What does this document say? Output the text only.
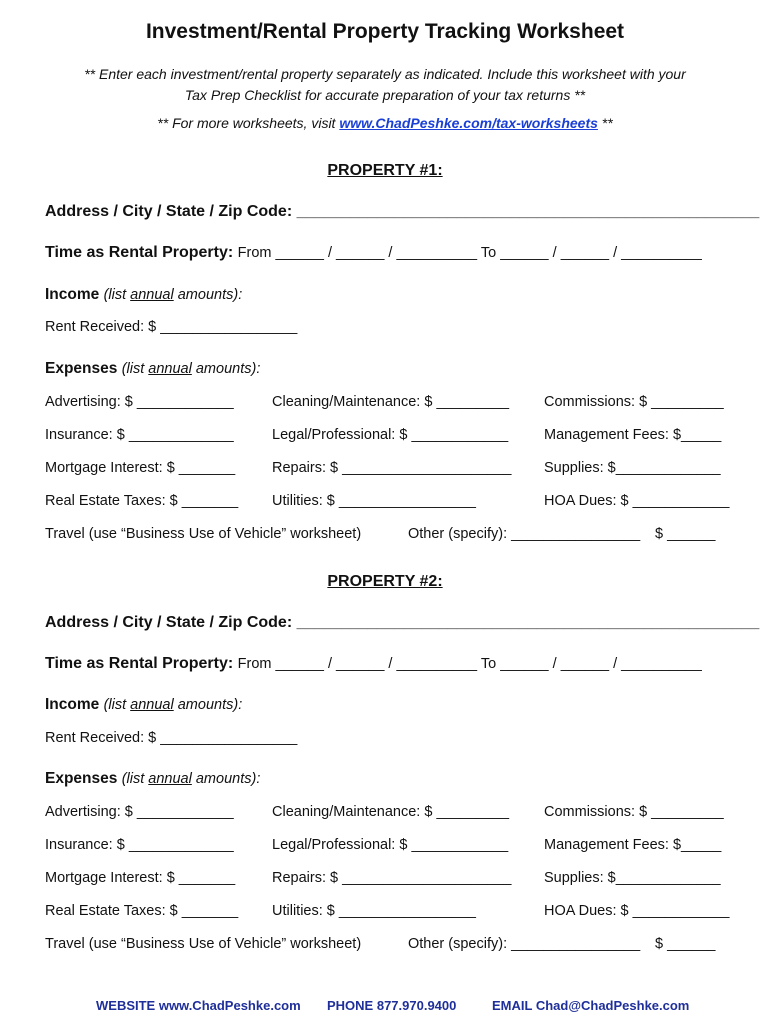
Investment/Rental Property Tracking Worksheet
** Enter each investment/rental property separately as indicated. Include this worksheet with your
Tax Prep Checklist for accurate preparation of your tax returns **
** For more worksheets, visit www.ChadPeshke.com/tax-worksheets **
PROPERTY #1:
Address / City / State / Zip Code: ____________________________________________________
Time as Rental Property: From ______ / ______ / __________ To ______ / ______ / __________
Income (list annual amounts):
Rent Received: $ _________________
Expenses (list annual amounts):
Advertising: $ ____________	Cleaning/Maintenance: $ _________ Commissions: $ _________
Insurance: $ _____________	Legal/Professional: $ ____________ Management Fees: $_____
Mortgage Interest: $ _______	Repairs: $ _____________________ Supplies: $_____________
Real Estate Taxes: $ _______ Utilities: $ _________________	HOA Dues: $ ____________
Travel (use “Business Use of Vehicle” worksheet)	Other (specify): ________________ $ ______
PROPERTY #2:
Address / City / State / Zip Code: ____________________________________________________
Time as Rental Property: From ______ / ______ / __________ To ______ / ______ / __________
Income (list annual amounts):
Rent Received: $ _________________
Expenses (list annual amounts):
Advertising: $ ____________	Cleaning/Maintenance: $ _________ Commissions: $ _________
Insurance: $ _____________	Legal/Professional: $ ____________ Management Fees: $_____
Mortgage Interest: $ _______	Repairs: $ _____________________ Supplies: $_____________
Real Estate Taxes: $ _______ Utilities: $ _________________	HOA Dues: $ ____________
Travel (use “Business Use of Vehicle” worksheet)	Other (specify): ________________ $ ______
WEBSITE www.ChadPeshke.com PHONE 877.970.9400	EMAIL Chad@ChadPeshke.com
